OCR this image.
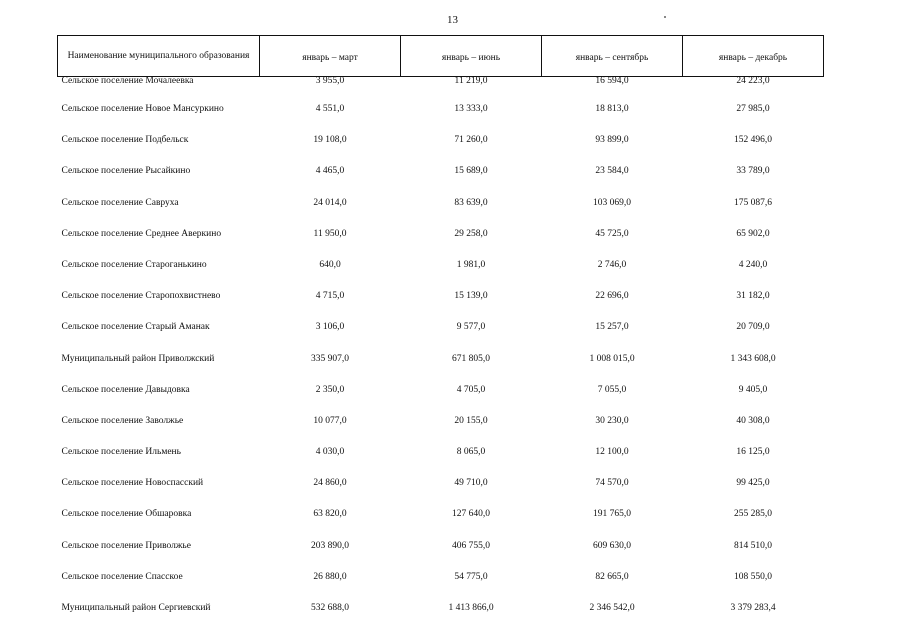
13
Наименование муниципального образования	январь – март	январь – июнь	январь – сентябрь	январь – декабрь
Сельское поселение Мочалеевка	3 955,0	11 219,0	16 594,0	24 223,0
Сельское поселение Новое Мансуркино	4 551,0	13 333,0	18 813,0	27 985,0
Сельское поселение Подбельск	19 108,0	71 260,0	93 899,0	152 496,0
Сельское поселение Рысайкино	4 465,0	15 689,0	23 584,0	33 789,0
Сельское поселение Савруха	24 014,0	83 639,0	103 069,0	175 087,6
Сельское поселение Среднее Аверкино	11 950,0	29 258,0	45 725,0	65 902,0
Сельское поселение Староганькино	640,0	1 981,0	2 746,0	4 240,0
Сельское поселение Старопохвистнево	4 715,0	15 139,0	22 696,0	31 182,0
Сельское поселение Старый Аманак	3 106,0	9 577,0	15 257,0	20 709,0
Муниципальный район Приволжский	335 907,0	671 805,0	1 008 015,0	1 343 608,0
Сельское поселение Давыдовка	2 350,0	4 705,0	7 055,0	9 405,0
Сельское поселение Заволжье	10 077,0	20 155,0	30 230,0	40 308,0
Сельское поселение Ильмень	4 030,0	8 065,0	12 100,0	16 125,0
Сельское поселение Новоспасский	24 860,0	49 710,0	74 570,0	99 425,0
Сельское поселение Обшаровка	63 820,0	127 640,0	191 765,0	255 285,0
Сельское поселение Приволжье	203 890,0	406 755,0	609 630,0	814 510,0
Сельское поселение Спасское	26 880,0	54 775,0	82 665,0	108 550,0
Муниципальный район Сергиевский	532 688,0	1 413 866,0	2 346 542,0	3 379 283,4
